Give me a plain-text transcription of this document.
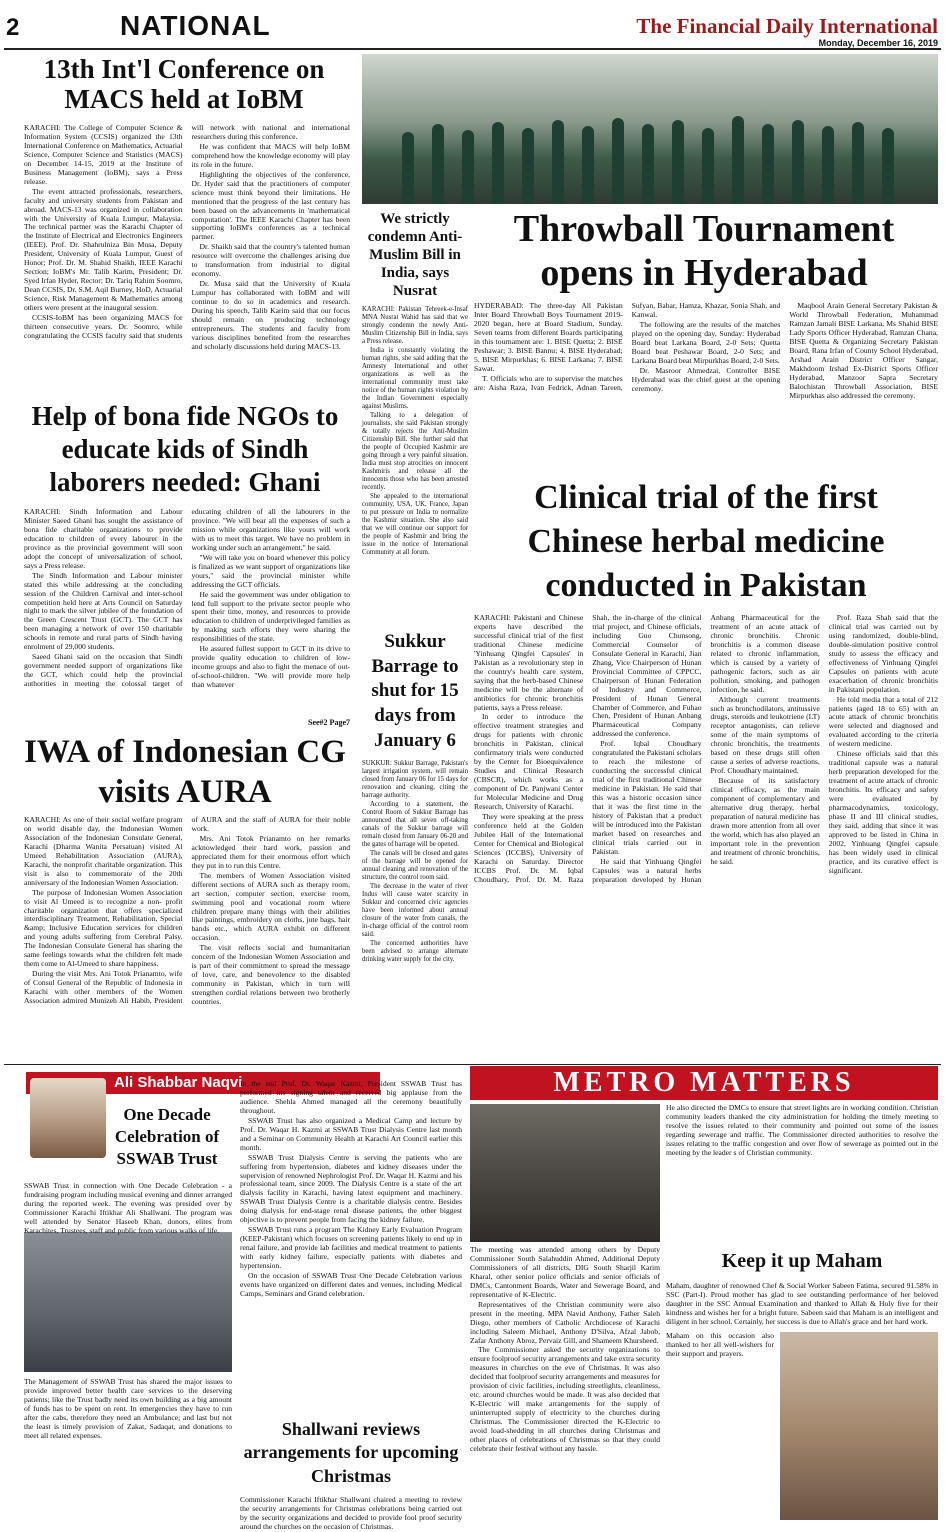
2	NATIONAL	The Financial Daily International
Monday, December 16, 2019
13th Int'l Conference on MACS held at IoBM

KARACHI: The College of Computer Science & Information System (CCSIS) organized the 13th International Conference on Mathematics, Actuarial Science, Computer Science and Statistics (MACS) on December 14-15, 2019 at the Institute of Business Management (IoBM), says a Press release.

The event attracted professionals, researchers, faculty and university students from Pakistan and abroad. MACS-13 was organized in collaboration with the University of Kuala Lumpur, Malaysia. The technical partner was the Karachi Chapter of the Institute of Electrical and Electronics Engineers (IEEE). Prof. Dr. Shahrulniza Bin Musa, Deputy President, University of Kuala Lumpur, Guest of Honor; Prof. Dr. M. Shahid Shaikh, IEEE Karachi Section; IoBM's Mr. Talib Karim, President; Dr. Syed Irfan Hyder, Rector; Dr. Tariq Rahim Soomro, Dean CCSIS, Dr. S.M. Aqil Burney, HoD, Actuarial Science, Risk Management & Mathematics among others were present at the inaugural session.

CCSIS-IoBM has been organizing MACS for thirteen consecutive years. Dr. Soomro, while congratulating the CCSIS faculty said that students will network with national and international researchers during this conference.

He was confident that MACS will help IoBM comprehend how the knowledge economy will play its role in the future.

Highlighting the objectives of the conference, Dr. Hyder said that the practitioners of computer science must think beyond their limitations. He mentioned that the progress of the last century has been based on the advancements in 'mathematical computation'. The IEEE Karachi Chapter has been supporting IoBM's conferences as a technical partner.

Dr. Shaikh said that the country's talented human resource will overcome the challenges arising due to transformation from industrial to digital economy.

Dr. Musa said that the University of Kuala Lumpur has collaborated with IoBM and will continue to do so in academics and research. During his speech, Talib Karim said that our focus should remain on producing technology entrepreneurs. The students and faculty from various disciplines benefited from the researches and scholarly discussions held during MACS-13.

We strictly condemn Anti-Muslim Bill in India, says Nusrat

KARACHI: Pakistan Tehreek-e-Insaf MNA Nusrat Wahid has said that we strongly condemn the newly Anti-Muslim Citizenship Bill in India, says a Press release.

India is constantly violating the human rights, she said adding that the Amnesty International and other organizations as well as the international community must take notice of the human rights violation by the Indian Government especially against Muslims.

Talking to a delegation of journalists, she said Pakistan strongly & totally rejects the Anti-Muslim Citizenship Bill. She further said that the people of Occupied Kashmir are going through a very painful situation. India must stop atrocities on innocent Kashmiris and release all the innocents those who has been arrested recently.

She appealed to the international community, USA, UK, France, Japan to put pressure on India to normalize the Kashmir situation. She also said that we will continue our support for the people of Kashmir and bring the issue in the notice of International Community at all forum.

Throwball Tournament opens in Hyderabad

HYDERABAD: The three-day All Pakistan Inter Board Throwball Boys Tournament 2019-2020 began, here at Board Stadium, Sunday. Seven teams from different Boards participating in this tournament are: 1. BISE Quetta; 2. BISE Peshawar; 3. BISE Bannu; 4. BISE Hyderabad; 5. BISE Mirpurkhas; 6. BISE Larkana; 7. BISE Sawat.

T. Officials who are to supervise the matches are: Aisha Raza, Ivan Fedrick, Adnan Tareen, Sufyan, Babar, Hamza, Khazar, Sonia Shah, and Kanwal.

The following are the results of the matches played on the opening day, Sunday: Hyderabad Board beat Larkana Board, 2-0 Sets; Quetta Board beat Peshawar Board, 2-0 Sets; and Larkana Board beat Mirpurkhas Board, 2-0 Sets.

Dr. Masroor Ahmedzai, Controller BISE Hyderabad was the chief guest at the opening ceremony.

Maqbool Arain General Secretary Pakistan & World Throwball Federation, Muhammad Ramzan Jamali BISE Larkana, Ms Shahid BISE Lady Sports Officer Hyderabad, Ramzan Chana, BISE Quetta & Organizing Secretary Pakistan Board, Rana Irfan of County School Hyderabad, Arshad Arain District Officer Sangar, Makhdoom Irshad Ex-District Sports Officer Hyderabad, Manzoor Sapra Secretary Balochistan Throwball Association, BISE Mirpurkhas also addressed the ceremony.

Help of bona fide NGOs to educate kids of Sindh laborers needed: Ghani

KARACHI: Sindh Information and Labour Minister Saeed Ghani has sought the assistance of bona fide charitable organizations to provide education to children of every labourer in the province as the provincial government will soon adopt the concept of universalization of school, says a Press release.

The Sindh Information and Labour minister stated this while addressing at the concluding session of the Children Carnival and inter-school competition held here at Arts Council on Saturday night to mark the silver jubilee of the foundation of the Green Crescent Trust (GCT). The GCT has been managing a network of over 150 charitable schools in remote and rural parts of Sindh having enrolment of 29,000 students.

Saeed Ghani said on the occasion that Sindh government needed support of organizations like the GCT, which could help the provincial authorities in meeting the colossal target of educating children of all the labourers in the province. "We will bear all the expenses of such a mission while organizations like yours will work with us to meet this target. We have no problem in working under such an arrangement," he said.

"We will take you on board whenever this policy is finalized as we want support of organizations like yours," said the provincial minister while addressing the GCT officials.

He said the government was under obligation to lend full support to the private sector people who spent their time, money, and resources to provide education to children of underprivileged families as by making such efforts they were sharing the responsibilities of the state.

He assured fullest support to GCT in its drive to provide quality education to children of low-income groups and also to fight the menace of out-of-school-children. "We will provide more help than whatever

See#2 Page7
Clinical trial of the first Chinese herbal medicine conducted in Pakistan

KARACHI: Pakistani and Chinese experts have described the successful clinical trial of the first traditional Chinese medicine 'Yinhuang Qingfei Capsules' in Pakistan as a revolutionary step in the country's health care system, saying that the herb-based Chinese medicine will be the alternate of antibiotics for chronic bronchitis patients, says a Press release.

In order to introduce the effective treatment strategies and drugs for patients with chronic bronchitis in Pakistan, clinical confirmatory trials were conducted by the Center for Bioequivalence Studies and Clinical Research (CBSCR), which works as a component of Dr. Panjwani Center for Molecular Medicine and Drug Research, University of Karachi.

They were speaking at the press conference held at the Golden Jubilee Hall of the International Center for Chemical and Biological Sciences (ICCBS), University of Karachi on Saturday. Director ICCBS Prof. Dr. M. Iqbal Choudhary, Prof. Dr. M. Raza Shah, the in-charge of the clinical trial project, and Chinese officials, including Guo Chunsong, Commercial Counselor of Consulate General in Karachi, Jian Zhang, Vice Chairperson of Hunan Provincial Committee of CPPCC, Chairperson of Hunan Federation of Industry and Commerce, President of Hunan General Chamber of Commerce, and Fuhao Chen, President of Hunan Anbang Pharmaceutical Company addressed the conference.

Prof. Iqbal Choudhary congratulated the Pakistani scholars to reach the milestone of conducting the successful clinical trial of the first traditional Chinese medicine in Pakistan. He said that this was a historic occasion since that it was the first time in the history of Pakistan that a product will be introduced into the Pakistan market based on researches and clinical trials carried out in Pakistan.

He said that Yinhuang Qingfei Capsules was a natural herbs preparation developed by Hunan Anbang Pharmaceutical for the treatment of an acute attack of chronic bronchitis. Chronic bronchitis is a common disease related to chronic inflammation, which is caused by a variety of pathogenic factors, such as air pollution, smoking, and pathogen infection, he said.

Although current treatments such as bronchodilators, antitussive drugs, steroids and leukotriene (LT) receptor antagonists, can relieve some of the main symptoms of chronic bronchitis, the treatments based on these drugs still often cause a series of adverse reactions, Prof. Choudhary maintained.

Because of its satisfactory clinical efficacy, as the main component of complementary and alternative drug therapy, herbal preparation of natural medicine has drawn more attention from all over the world, which has also played an important role in the prevention and treatment of chronic bronchitis, he said.

Prof. Raza Shah said that the clinical trial was carried out by using randomized, double-blind, double-simulation positive control study to assess the efficacy and effectiveness of Yinhuang Qingfei Capsules on patients with acute exacerbation of chronic bronchitis in Pakistani population.

He told media that a total of 212 patients (aged 18 to 65) with an acute attack of chronic bronchitis were selected and diagnosed and evaluated according to the criteria of western medicine.

Chinese officials said that this traditional capsule was a natural herb preparation developed for the treatment of acute attack of chronic bronchitis. Its efficacy and safety were evaluated by pharmacodynamics, toxicology, phase II and III clinical studies, they said, adding that since it was approved to be listed in China in 2002, Yinhuang Qingfei capsule has been widely used in clinical practice, and its curative effect is significant.

Sukkur Barrage to shut for 15 days from January 6

SUKKUR: Sukkur Barrage, Pakistan's largest irrigation system, will remain closed from January 06 for 15 days for renovation and cleaning, citing the barrage authority.

According to a statement, the Control Room of Sukkur Barrage has announced that all seven off-taking canals of the Sukkur barrage will remain closed from January 06-20 and the gates of barrage will be opened.

The canals will be closed and gates of the barrage will be opened for annual cleaning and renovation of the structure, the control room said.

The decrease in the water of river Indus will cause water scarcity in Sukkur and concerned civic agencies have been informed about annual closure of the water from canals, the in-charge official of the control room said.

The concerned authorities have been advised to arrange alternate drinking water supply for the city.

IWA of Indonesian CG visits AURA

KARACHI: As one of their social welfare program on world disable day, the Indonesian Women Association of the Indonesian Consulate General, Karachi (Dharma Wanita Persatuan) visited Al Umeed Rehabilitation Association (AURA), Karachi, the nonprofit charitable organization. This visit is also to commemorate of the 20th anniversary of the Indonesian Women Association.

The purpose of Indonesian Women Association to visit Al Umeed is to recognize a non- profit charitable organization that offers specialized interdisciplinary Treatment, Rehabilitation, Special &amp; Inclusive Education services for children and young adults suffering from Cerebral Palsy. The Indonesian Consulate General has sharing the same feelings towards what the children felt made them come to Al-Umeed to share happiness.

During the visit Mrs. Ani Totok Prianamto, wife of Consul General of the Republic of Indonesia in Karachi with other members of the Women Association admired Munizeh Ali Habib, President of AURA and the staff of AURA for their noble work.

Mrs. Ani Totok Prianamto on her remarks acknowledged their hard work, passion and appreciated them for their enormous effort which they put in to run this Centre.

The members of Women Association visited different sections of AURA such as therapy room, art section, computer section, exercise room, swimming pool and vocational room where children prepare many things with their abilities like paintings, embroidery on cloths, jute bags, hair bands etc., which AURA exhibit on different occasion.

The visit reflects social and humanitarian concern of the Indonesian Women Association and is part of their commitment to spread the message of love, care, and benevolence to the disabled community in Pakistan, which in turn will strengthen cordial relations between two brotherly countries.

Ali Shabbar Naqvi
One Decade Celebration of SSWAB Trust

SSWAB Trust in connection with One Decade Celebration - a fundraising program including musical evening and dinner arranged during the reported week. The evening was presided over by Commissioner Karachi Iftikhar Ali Shallwani. The program was well attended by Senator Haseeb Khan, donors, elites from Karachites, Trustees, staff and public from various walks of life.

The Management of SSWAB Trust has shared the major issues to provide improved better health care services to the deserving patients; like the Trust badly need its own building as a big amount of funds has to be spent on rent. In emergencies they have to run after the cabs, therefore they need an Ambulance; and last but not the least is timely provision of Zakat, Sadaqat, and donations to meet all related expenses.

In the end Prof. Dr. Waqar Kazmi, President SSWAB Trust has performed his signing talent and received big applause from the audience. Shehla Ahmed managed all the ceremony beautifully throughout.

SSWAB Trust has also organized a Medical Camp and lecture by Prof. Dr. Waqar H. Kazmi at SSWAB Trust Dialysis Centre last month and a Seminar on Community Health at Karachi Art Council earlier this month.

SSWAB Trust Dialysis Centre is serving the patients who are suffering from hypertension, diabetes and kidney diseases under the supervision of renowned Nephrologist Prof. Dr. Waqar H. Kazmi and his professional team, since 2009. The Dialysis Centre is a state of the art dialysis facility in Karachi, having latest equipment and machinery. SSWAB Trust Dialysis Centre is a charitable dialysis centre. Besides doing dialysis for end-stage renal disease patients, the other biggest objective is to prevent people from facing the kidney failure.

SSWAB Trust runs a program The Kidney Early Evaluation Program (KEEP-Pakistan) which focuses on screening patients likely to end up in renal failure, and provide lab facilities and medical treatment to patients with early kidney failure, especially patients with diabetes and hypertension.

On the occasion of SSWAB Trust One Decade Celebration various events have organized on different dates and venues, including Medical Camps, Seminars and Grand celebration.

METRO MATTERS
Shallwani reviews arrangements for upcoming Christmas

Commissioner Karachi Iftikhar Shallwani chaired a meeting to review the security arrangements for Christmas celebrations being carried out by the security organizations and decided to provide fool proof security around the churches on the occasion of Christmas.

The meeting was attended among others by Deputy Commissioner South Salahuddin Ahmed, Additional Deputy Commissioners of all districts, DIG South Sharjil Karim Kharal, other senior police officials and senior officials of DMCs, Cantonment Boards, Water and Sewerage Board, and representative of K-Electric.

Representatives of the Christian community were also present in the meeting. MPA Navid Anthony, Father Saleh Diego, other members of Catholic Archdiocese of Karachi including Saleem Michael, Anthony D'Silva, Afzal Jabob, Zafar Anthony Abroz, Pervaiz Gill, and Shameem Khursheed.

The Commissioner asked the security organizations to ensure foolproof security arrangements and take extra security measures in churches on the eve of Christmas. It was also decided that foolproof security arrangements and measures for provision of civic facilities, including streetlights, cleanliness, etc. around churches would be made. It was also decided that K-Electric will make arrangements for the supply of uninterrupted supply of electricity to the churches during Christmas. The Commissioner directed the K-Electric to avoid load-shedding in all churches during Christmas and other places of celebrations of Christmas so that they could celebrate their festival without any hassle.

He also directed the DMCs to ensure that street lights are in working condition. Christian community leaders thanked the city administration for holding the timely meeting to resolve the issues related to their community and pointed out some of the issues regarding sewerage and traffic. The Commissioner directed authorities to resolve the issues relating to the traffic congestion and over flow of sewerage as pointed out in the meeting by the leader s of Christian community.

Keep it up Maham

Maham, daughter of renowned Chef & Social Worker Sabeen Fatima, secured 91.58% in SSC (Part-I). Proud mother has glad to see outstanding performance of her beloved daughter in the SSC Annual Examination and thanked to Allah & Holy five for their kindness and wishes her for a bright future. Sabeen said that Maham is an intelligent and diligent in her school. Certainly, her success is due to Allah's grace and her hard work.

Maham on this occasion also thanked to her all well-wishers for their support and prayers.
